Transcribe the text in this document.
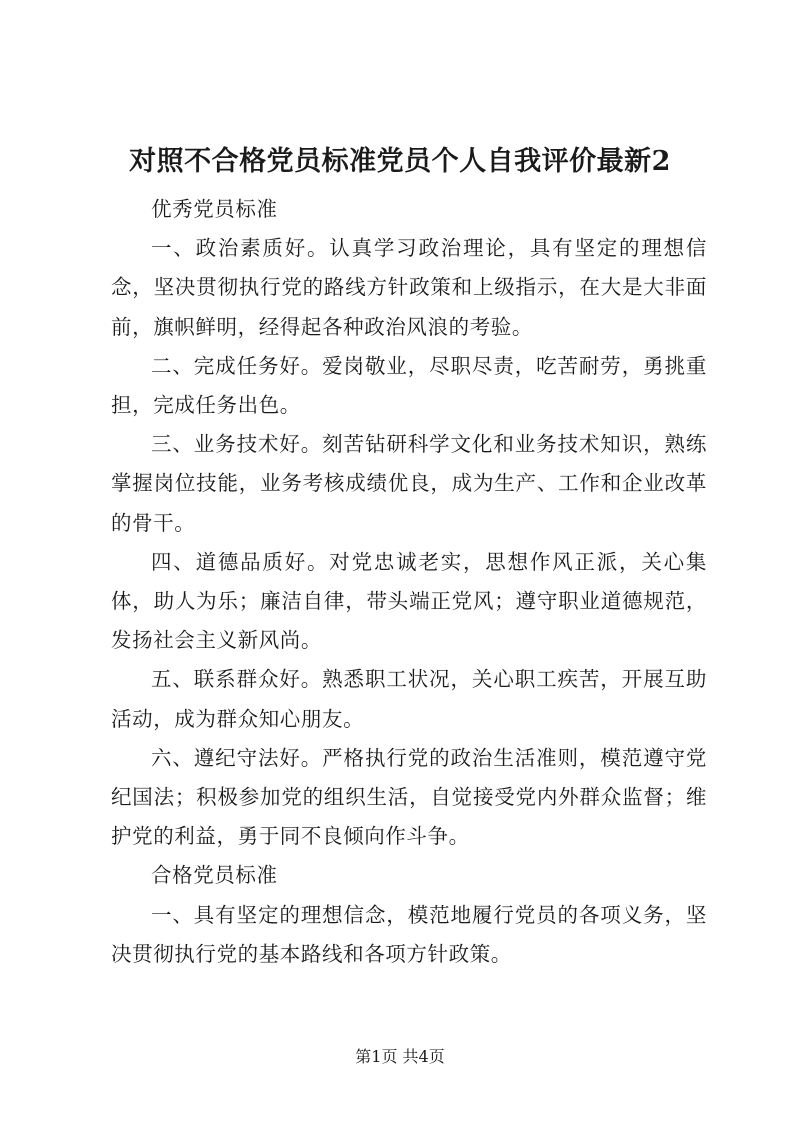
对照不合格党员标准党员个人自我评价最新2

优秀党员标准

一、政治素质好。认真学习政治理论，具有坚定的理想信念，坚决贯彻执行党的路线方针政策和上级指示，在大是大非面前，旗帜鲜明，经得起各种政治风浪的考验。

二、完成任务好。爱岗敬业，尽职尽责，吃苦耐劳，勇挑重担，完成任务出色。

三、业务技术好。刻苦钻研科学文化和业务技术知识，熟练掌握岗位技能，业务考核成绩优良，成为生产、工作和企业改革的骨干。

四、道德品质好。对党忠诚老实，思想作风正派，关心集体，助人为乐；廉洁自律，带头端正党风；遵守职业道德规范，发扬社会主义新风尚。

五、联系群众好。熟悉职工状况，关心职工疾苦，开展互助活动，成为群众知心朋友。

六、遵纪守法好。严格执行党的政治生活准则，模范遵守党纪国法；积极参加党的组织生活，自觉接受党内外群众监督；维护党的利益，勇于同不良倾向作斗争。

合格党员标准

一、具有坚定的理想信念，模范地履行党员的各项义务，坚决贯彻执行党的基本路线和各项方针政策。

第1页 共4页
